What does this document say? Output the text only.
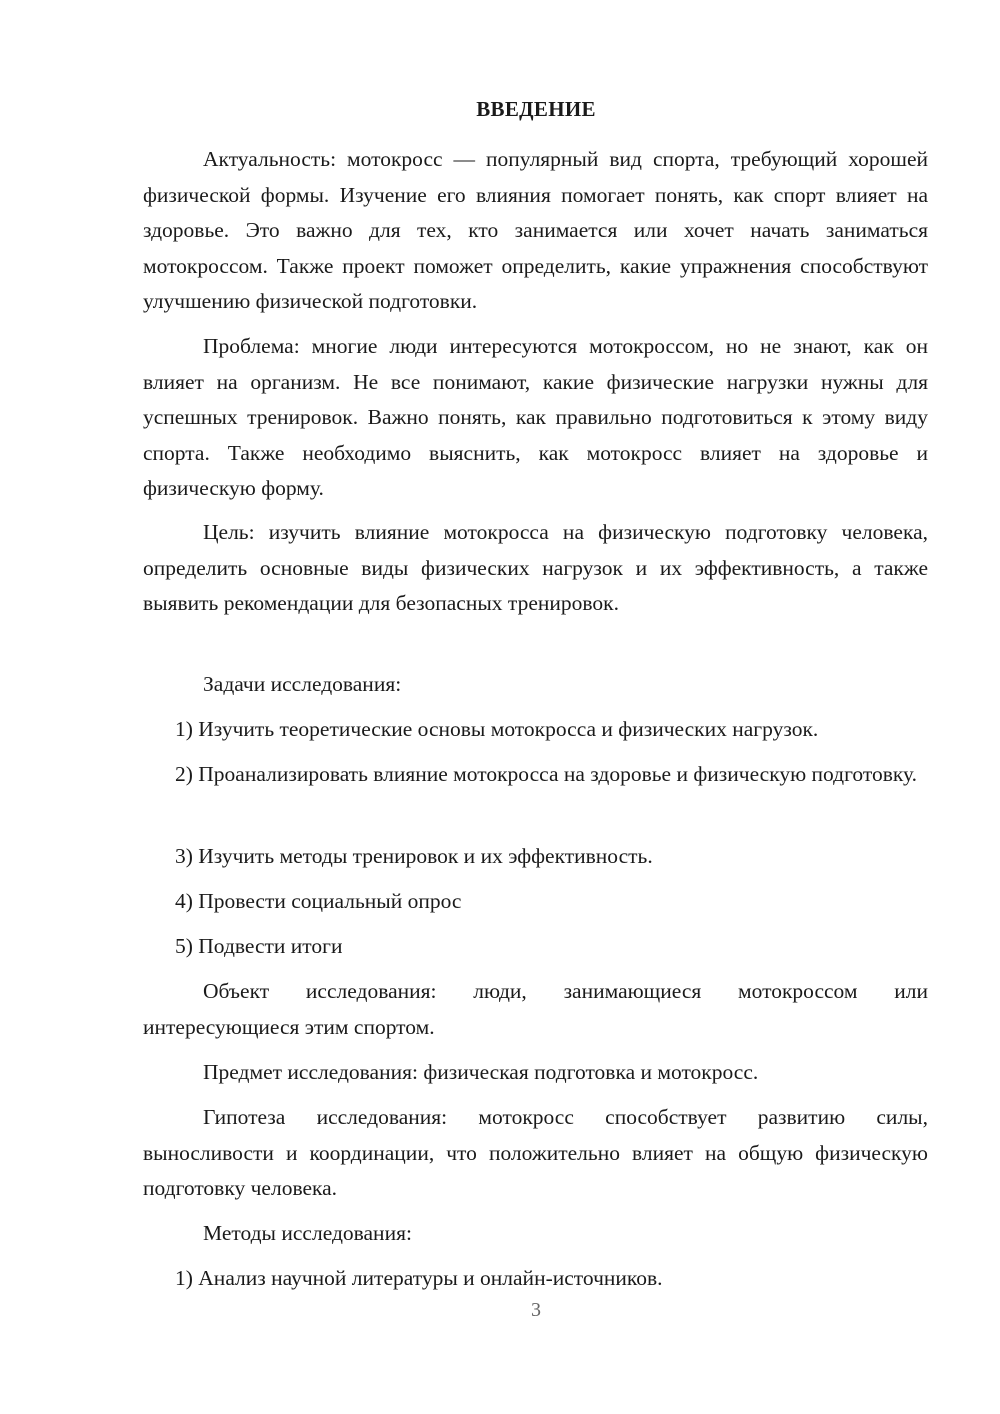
ВВЕДЕНИЕ

Актуальность: мотокросс — популярный вид спорта, требующий хорошей физической формы. Изучение его влияния помогает понять, как спорт влияет на здоровье. Это важно для тех, кто занимается или хочет начать заниматься мотокроссом. Также проект поможет определить, какие упражнения способствуют улучшению физической подготовки.

Проблема: многие люди интересуются мотокроссом, но не знают, как он влияет на организм. Не все понимают, какие физические нагрузки нужны для успешных тренировок. Важно понять, как правильно подготовиться к этому виду спорта. Также необходимо выяснить, как мотокросс влияет на здоровье и физическую форму.

Цель: изучить влияние мотокросса на физическую подготовку человека, определить основные виды физических нагрузок и их эффективность, а также выявить рекомендации для безопасных тренировок.

Задачи исследования:

1) Изучить теоретические основы мотокросса и физических нагрузок.

2) Проанализировать влияние мотокросса на здоровье и физическую подготовку.

3) Изучить методы тренировок и их эффективность.

4) Провести социальный опрос

5) Подвести итоги

Объект исследования: люди, занимающиеся мотокроссом или интересующиеся этим спортом.

Предмет исследования: физическая подготовка и мотокросс.

Гипотеза исследования: мотокросс способствует развитию силы, выносливости и координации, что положительно влияет на общую физическую подготовку человека.

Методы исследования:

1) Анализ научной литературы и онлайн-источников.

3
